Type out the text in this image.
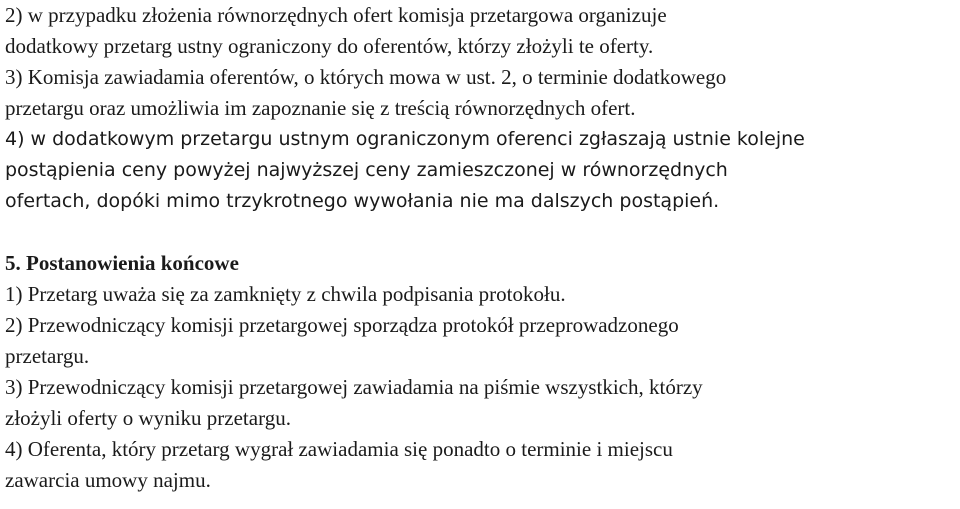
2) w przypadku złożenia równorzędnych ofert komisja przetargowa organizuje
dodatkowy przetarg ustny ograniczony do oferentów, którzy złożyli te oferty.
3) Komisja zawiadamia oferentów, o których mowa w ust. 2, o terminie dodatkowego
przetargu oraz umożliwia im zapoznanie się z treścią równorzędnych ofert.
4) w dodatkowym przetargu ustnym ograniczonym oferenci zgłaszają ustnie kolejne
postąpienia ceny powyżej najwyższej ceny zamieszczonej w równorzędnych
ofertach, dopóki mimo trzykrotnego wywołania nie ma dalszych postąpień.
5. Postanowienia końcowe
1) Przetarg uważa się za zamknięty z chwila podpisania protokołu.
2) Przewodniczący komisji przetargowej sporządza protokół przeprowadzonego
przetargu.
3) Przewodniczący komisji przetargowej zawiadamia na piśmie wszystkich, którzy
złożyli oferty o wyniku przetargu.
4) Oferenta, który przetarg wygrał zawiadamia się ponadto o terminie i miejscu
zawarcia umowy najmu.
